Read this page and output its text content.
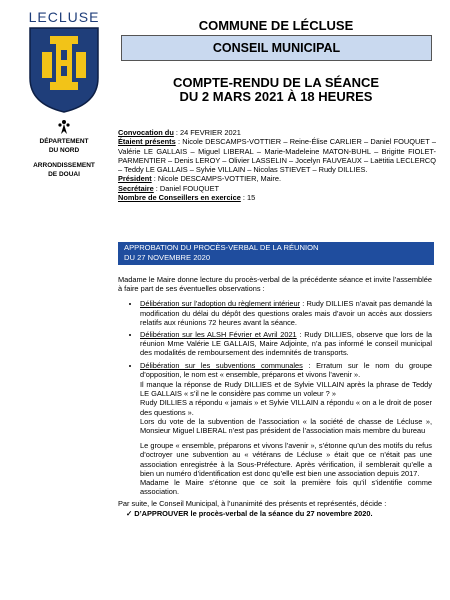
LECLUSE
DÉPARTEMENT
DU NORD
ARRONDISSEMENT
DE DOUAI
COMMUNE DE LÉCLUSE
CONSEIL MUNICIPAL
COMPTE-RENDU DE LA SÉANCE
DU 2 MARS 2021 À 18 HEURES

Convocation du : 24 FEVRIER 2021

Étaient présents : Nicole DESCAMPS-VOTTIER – Reine-Élise CARLIER – Daniel FOUQUET – Valérie LE GALLAIS – Miguel LIBERAL – Marie-Madeleine MATON-BUHL – Brigitte FIOLET-PARMENTIER – Denis LEROY – Olivier LASSELIN – Jocelyn FAUVEAUX – Laëtitia LECLERCQ – Teddy LE GALLAIS – Sylvie VILLAIN – Nicolas STIEVET – Rudy DILLIES.

Président : Nicole DESCAMPS-VOTTIER, Maire.

Secrétaire : Daniel FOUQUET

Nombre de Conseillers en exercice : 15

APPROBATION DU PROCÈS-VERBAL DE LA RÉUNION
DU 27 NOVEMBRE 2020

Madame le Maire donne lecture du procès-verbal de la précédente séance et invite l’assemblée à faire part de ses éventuelles observations :

• Délibération sur l’adoption du règlement intérieur : Rudy DILLIES n’avait pas demandé la modification du délai du dépôt des questions orales mais d’avoir un accès aux dossiers relatifs aux réunions 72 heures avant la séance.
• Délibération sur les ALSH Février et Avril 2021 : Rudy DILLIES, observe que lors de la réunion Mme Valérie LE GALLAIS, Maire Adjointe, n’a pas informé le conseil municipal des modalités de remboursement des indemnités de transports.
• Délibération sur les subventions communales : Erratum sur le nom du groupe d’opposition, le nom est « ensemble, préparons et vivons l’avenir ».
Il manque la réponse de Rudy DILLIES et de Sylvie VILLAIN après la phrase de Teddy LE GALLAIS « s’il ne le considère pas comme un voleur ? »
Rudy DILLIES a répondu « jamais » et Sylvie VILLAIN a répondu « on a le droit de poser des questions ».
Lors du vote de la subvention de l’association « la société de chasse de Lécluse », Monsieur Miguel LIBERAL n’est pas président de l’association mais membre du bureau
Le groupe « ensemble, préparons et vivons l’avenir », s’étonne qu’un des motifs du refus d’octroyer une subvention au « vétérans de Lécluse » était que ce n’était pas une association enregistrée à la Sous-Préfecture. Après vérification, il semblerait qu’elle a bien un numéro d’identification est donc qu’elle est bien une association depuis 2017.
Madame le Maire s’étonne que ce soit la première fois qu’il s’identifie comme association.

Par suite, le Conseil Municipal, à l’unanimité des présents et représentés, décide :

✓ D’APPROUVER le procès-verbal de la séance du 27 novembre 2020.
